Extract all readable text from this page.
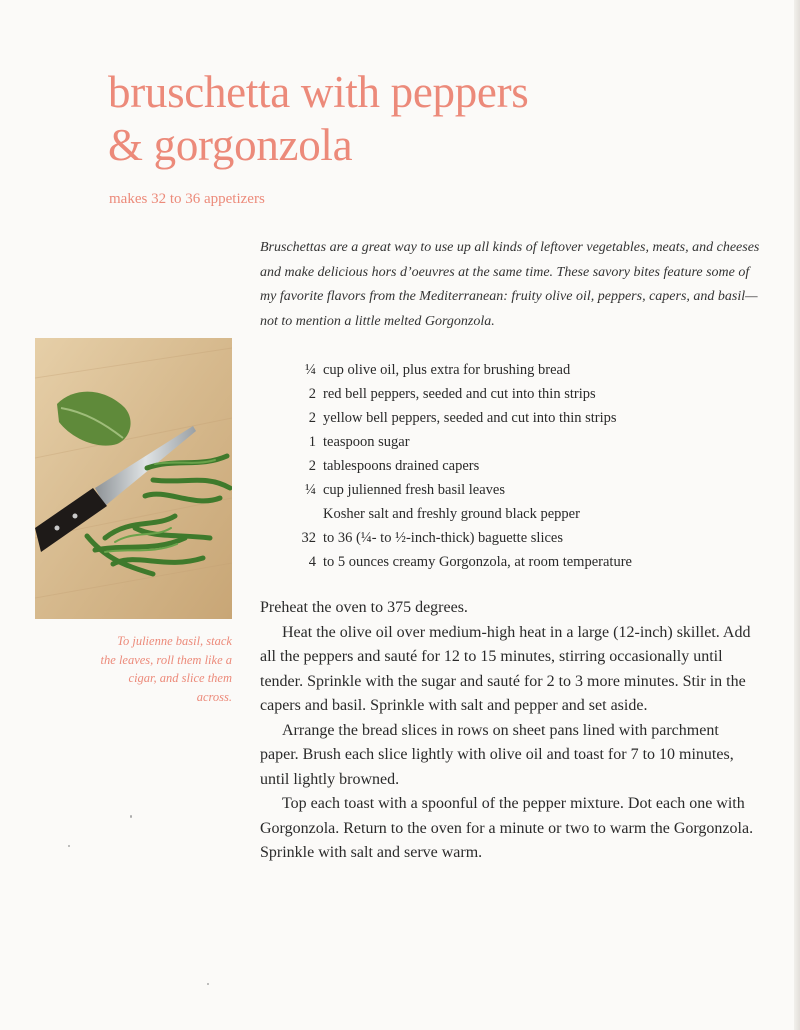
bruschetta with peppers
& gorgonzola
makes 32 to 36 appetizers

Bruschettas are a great way to use up all kinds of leftover vegetables, meats, and cheeses and make delicious hors d’oeuvres at the same time. These savory bites feature some of my favorite flavors from the Mediterranean: fruity olive oil, peppers, capers, and basil—not to mention a little melted Gorgonzola.

To julienne basil, stack the leaves, roll them like a cigar, and slice them across.

¼ cup olive oil, plus extra for brushing bread
2 red bell peppers, seeded and cut into thin strips
2 yellow bell peppers, seeded and cut into thin strips
1 teaspoon sugar
2 tablespoons drained capers
¼ cup julienned fresh basil leaves
Kosher salt and freshly ground black pepper
32 to 36 (¼- to ½-inch-thick) baguette slices
4 to 5 ounces creamy Gorgonzola, at room temperature

Preheat the oven to 375 degrees.

Heat the olive oil over medium-high heat in a large (12-inch) skillet. Add all the peppers and sauté for 12 to 15 minutes, stirring occasionally until tender. Sprinkle with the sugar and sauté for 2 to 3 more minutes. Stir in the capers and basil. Sprinkle with salt and pepper and set aside.

Arrange the bread slices in rows on sheet pans lined with parchment paper. Brush each slice lightly with olive oil and toast for 7 to 10 minutes, until lightly browned.

Top each toast with a spoonful of the pepper mixture. Dot each one with Gorgonzola. Return to the oven for a minute or two to warm the Gorgonzola. Sprinkle with salt and serve warm.
